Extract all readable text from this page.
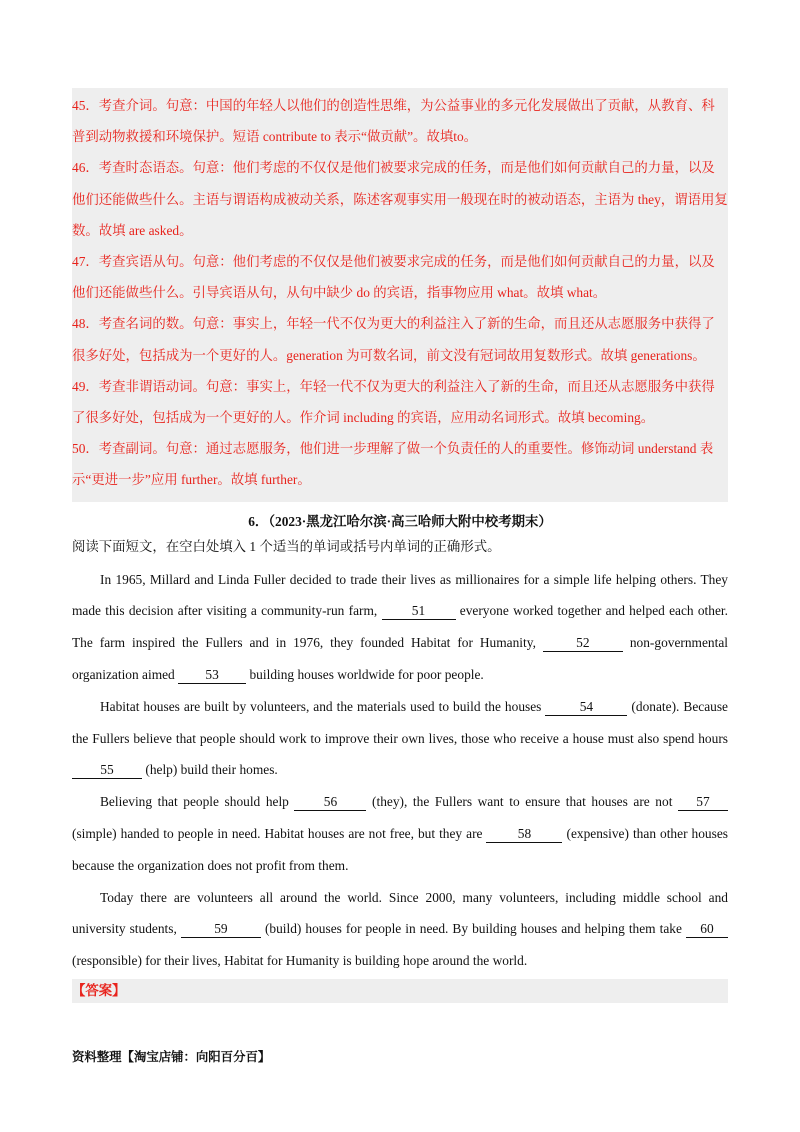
45．考查介词。句意：中国的年轻人以他们的创造性思维，为公益事业的多元化发展做出了贡献，从教育、科普到动物救援和环境保护。短语 contribute to 表示“做贡献”。故填to。

46．考查时态语态。句意：他们考虑的不仅仅是他们被要求完成的任务，而是他们如何贡献自己的力量，以及他们还能做些什么。主语与谓语构成被动关系，陈述客观事实用一般现在时的被动语态，主语为 they，谓语用复数。故填 are asked。

47．考查宾语从句。句意：他们考虑的不仅仅是他们被要求完成的任务，而是他们如何贡献自己的力量，以及他们还能做些什么。引导宾语从句，从句中缺少 do 的宾语，指事物应用 what。故填 what。

48．考查名词的数。句意：事实上，年轻一代不仅为更大的利益注入了新的生命，而且还从志愿服务中获得了很多好处，包括成为一个更好的人。generation 为可数名词，前文没有冠词故用复数形式。故填 generations。

49．考查非谓语动词。句意：事实上，年轻一代不仅为更大的利益注入了新的生命，而且还从志愿服务中获得了很多好处，包括成为一个更好的人。作介词 including 的宾语，应用动名词形式。故填 becoming。

50．考查副词。句意：通过志愿服务，他们进一步理解了做一个负责任的人的重要性。修饰动词 understand 表示“更进一步”应用 further。故填 further。

6．（2023·黑龙江哈尔滨·高三哈师大附中校考期末）

阅读下面短文，在空白处填入 1 个适当的单词或括号内单词的正确形式。

In 1965, Millard and Linda Fuller decided to trade their lives as millionaires for a simple life helping others. They made this decision after visiting a community-run farm,	51	everyone worked together and helped each other. The farm inspired the Fullers and in 1976, they founded Habitat for Humanity,	52	non-governmental organization aimed 53 building houses worldwide for poor people.

Habitat houses are built by volunteers, and the materials used to build the houses	54	(donate). Because the Fullers believe that people should work to improve their own lives, those who receive a house must also spend hours 55 (help) build their homes.

Believing that people should help	56	(they), the Fullers want to ensure that houses are not 57 (simple) handed to people in need. Habitat houses are not free, but they are	58	(expensive) than other houses because the organization does not profit from them.

Today there are volunteers all around the world. Since 2000, many volunteers, including middle school and university students,	59	(build) houses for people in need. By building houses and helping them take 60 (responsible) for their lives, Habitat for Humanity is building hope around the world.

【答案】
资料整理【淘宝店铺：向阳百分百】
